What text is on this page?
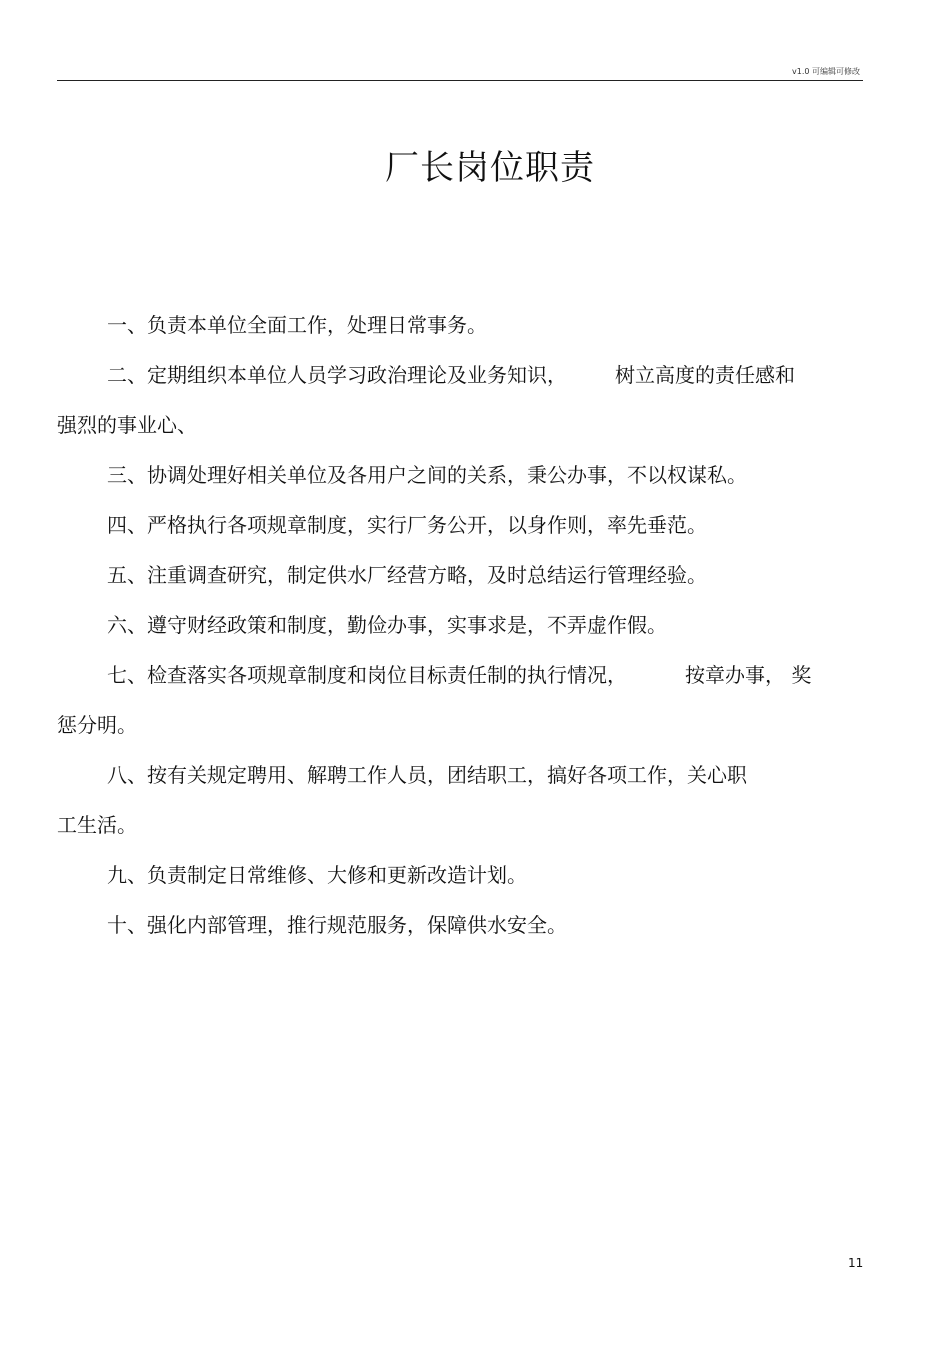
v1.0 可编辑可修改
厂长岗位职责

一、负责本单位全面工作，处理日常事务。

二、定期组织本单位人员学习政治理论及业务知识， 树立高度的责任感和

强烈的事业心、

三、协调处理好相关单位及各用户之间的关系，秉公办事，不以权谋私。

四、严格执行各项规章制度，实行厂务公开，以身作则，率先垂范。

五、注重调查研究，制定供水厂经营方略，及时总结运行管理经验。

六、遵守财经政策和制度，勤俭办事，实事求是，不弄虚作假。

七、检查落实各项规章制度和岗位目标责任制的执行情况，	按章办事， 奖

惩分明。

八、按有关规定聘用、解聘工作人员，团结职工，搞好各项工作，关心职

工生活。

九、负责制定日常维修、大修和更新改造计划。

十、强化内部管理，推行规范服务，保障供水安全。

11
